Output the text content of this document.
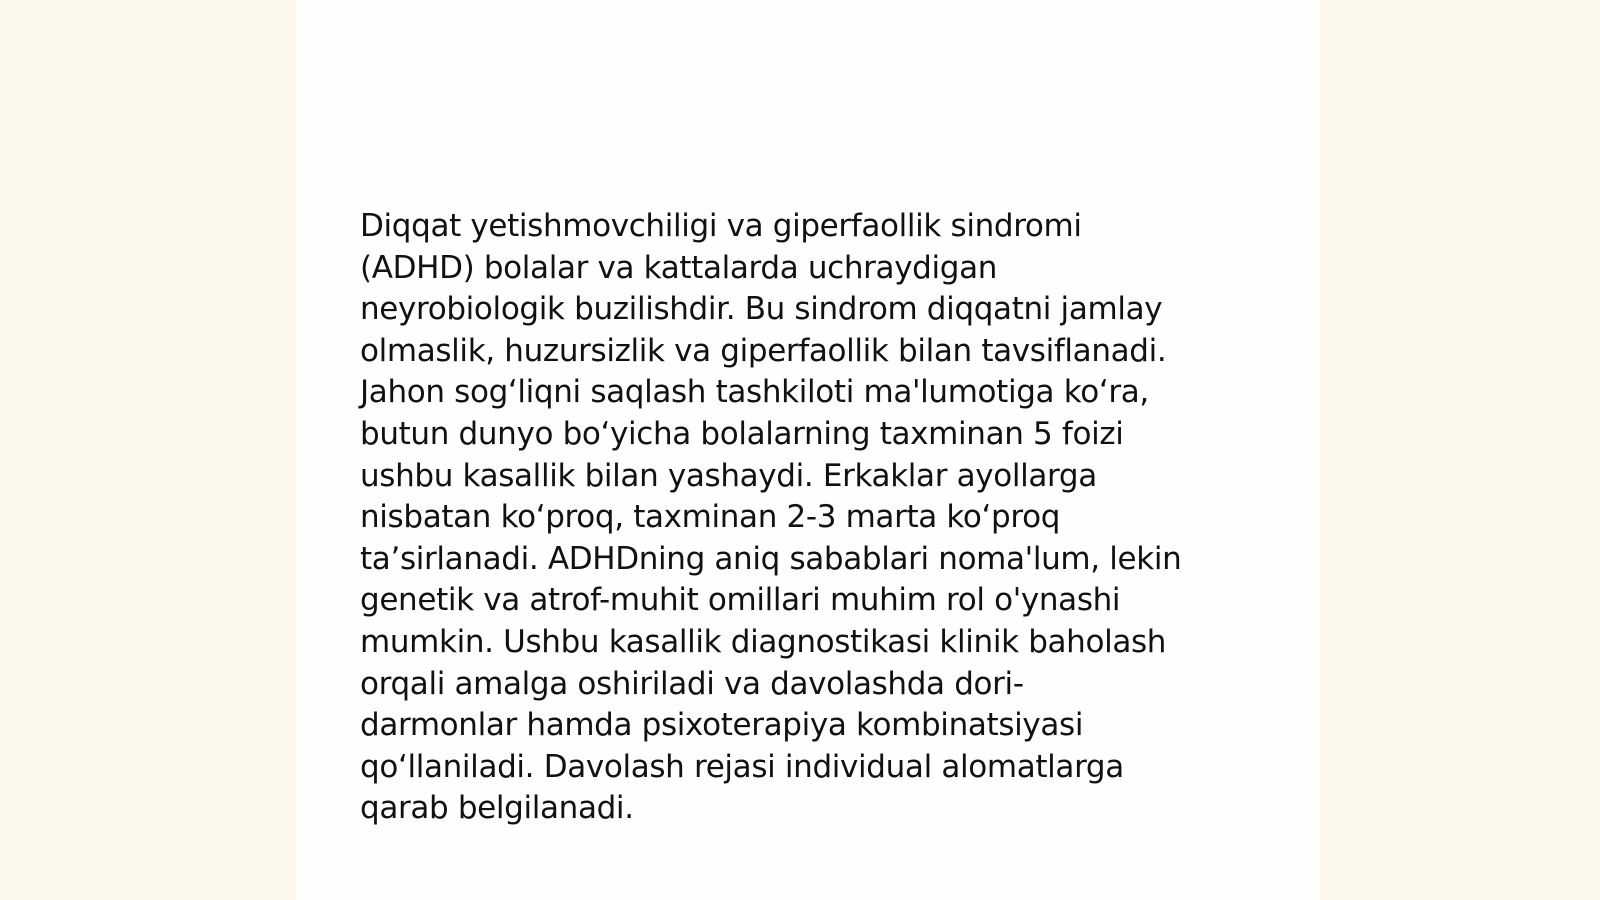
Diqqat yetishmovchiligi va giperfaollik sindromi
(ADHD) bolalar va kattalarda uchraydigan
neyrobiologik buzilishdir. Bu sindrom diqqatni jamlay
olmaslik, huzursizlik va giperfaollik bilan tavsiflanadi.
Jahon sog‘liqni saqlash tashkiloti ma'lumotiga ko‘ra,
butun dunyo bo‘yicha bolalarning taxminan 5 foizi
ushbu kasallik bilan yashaydi. Erkaklar ayollarga
nisbatan ko‘proq, taxminan 2-3 marta ko‘proq
ta’sirlanadi. ADHDning aniq sabablari noma'lum, lekin
genetik va atrof-muhit omillari muhim rol o'ynashi
mumkin. Ushbu kasallik diagnostikasi klinik baholash
orqali amalga oshiriladi va davolashda dori-
darmonlar hamda psixoterapiya kombinatsiyasi
qo‘llaniladi. Davolash rejasi individual alomatlarga
qarab belgilanadi.
